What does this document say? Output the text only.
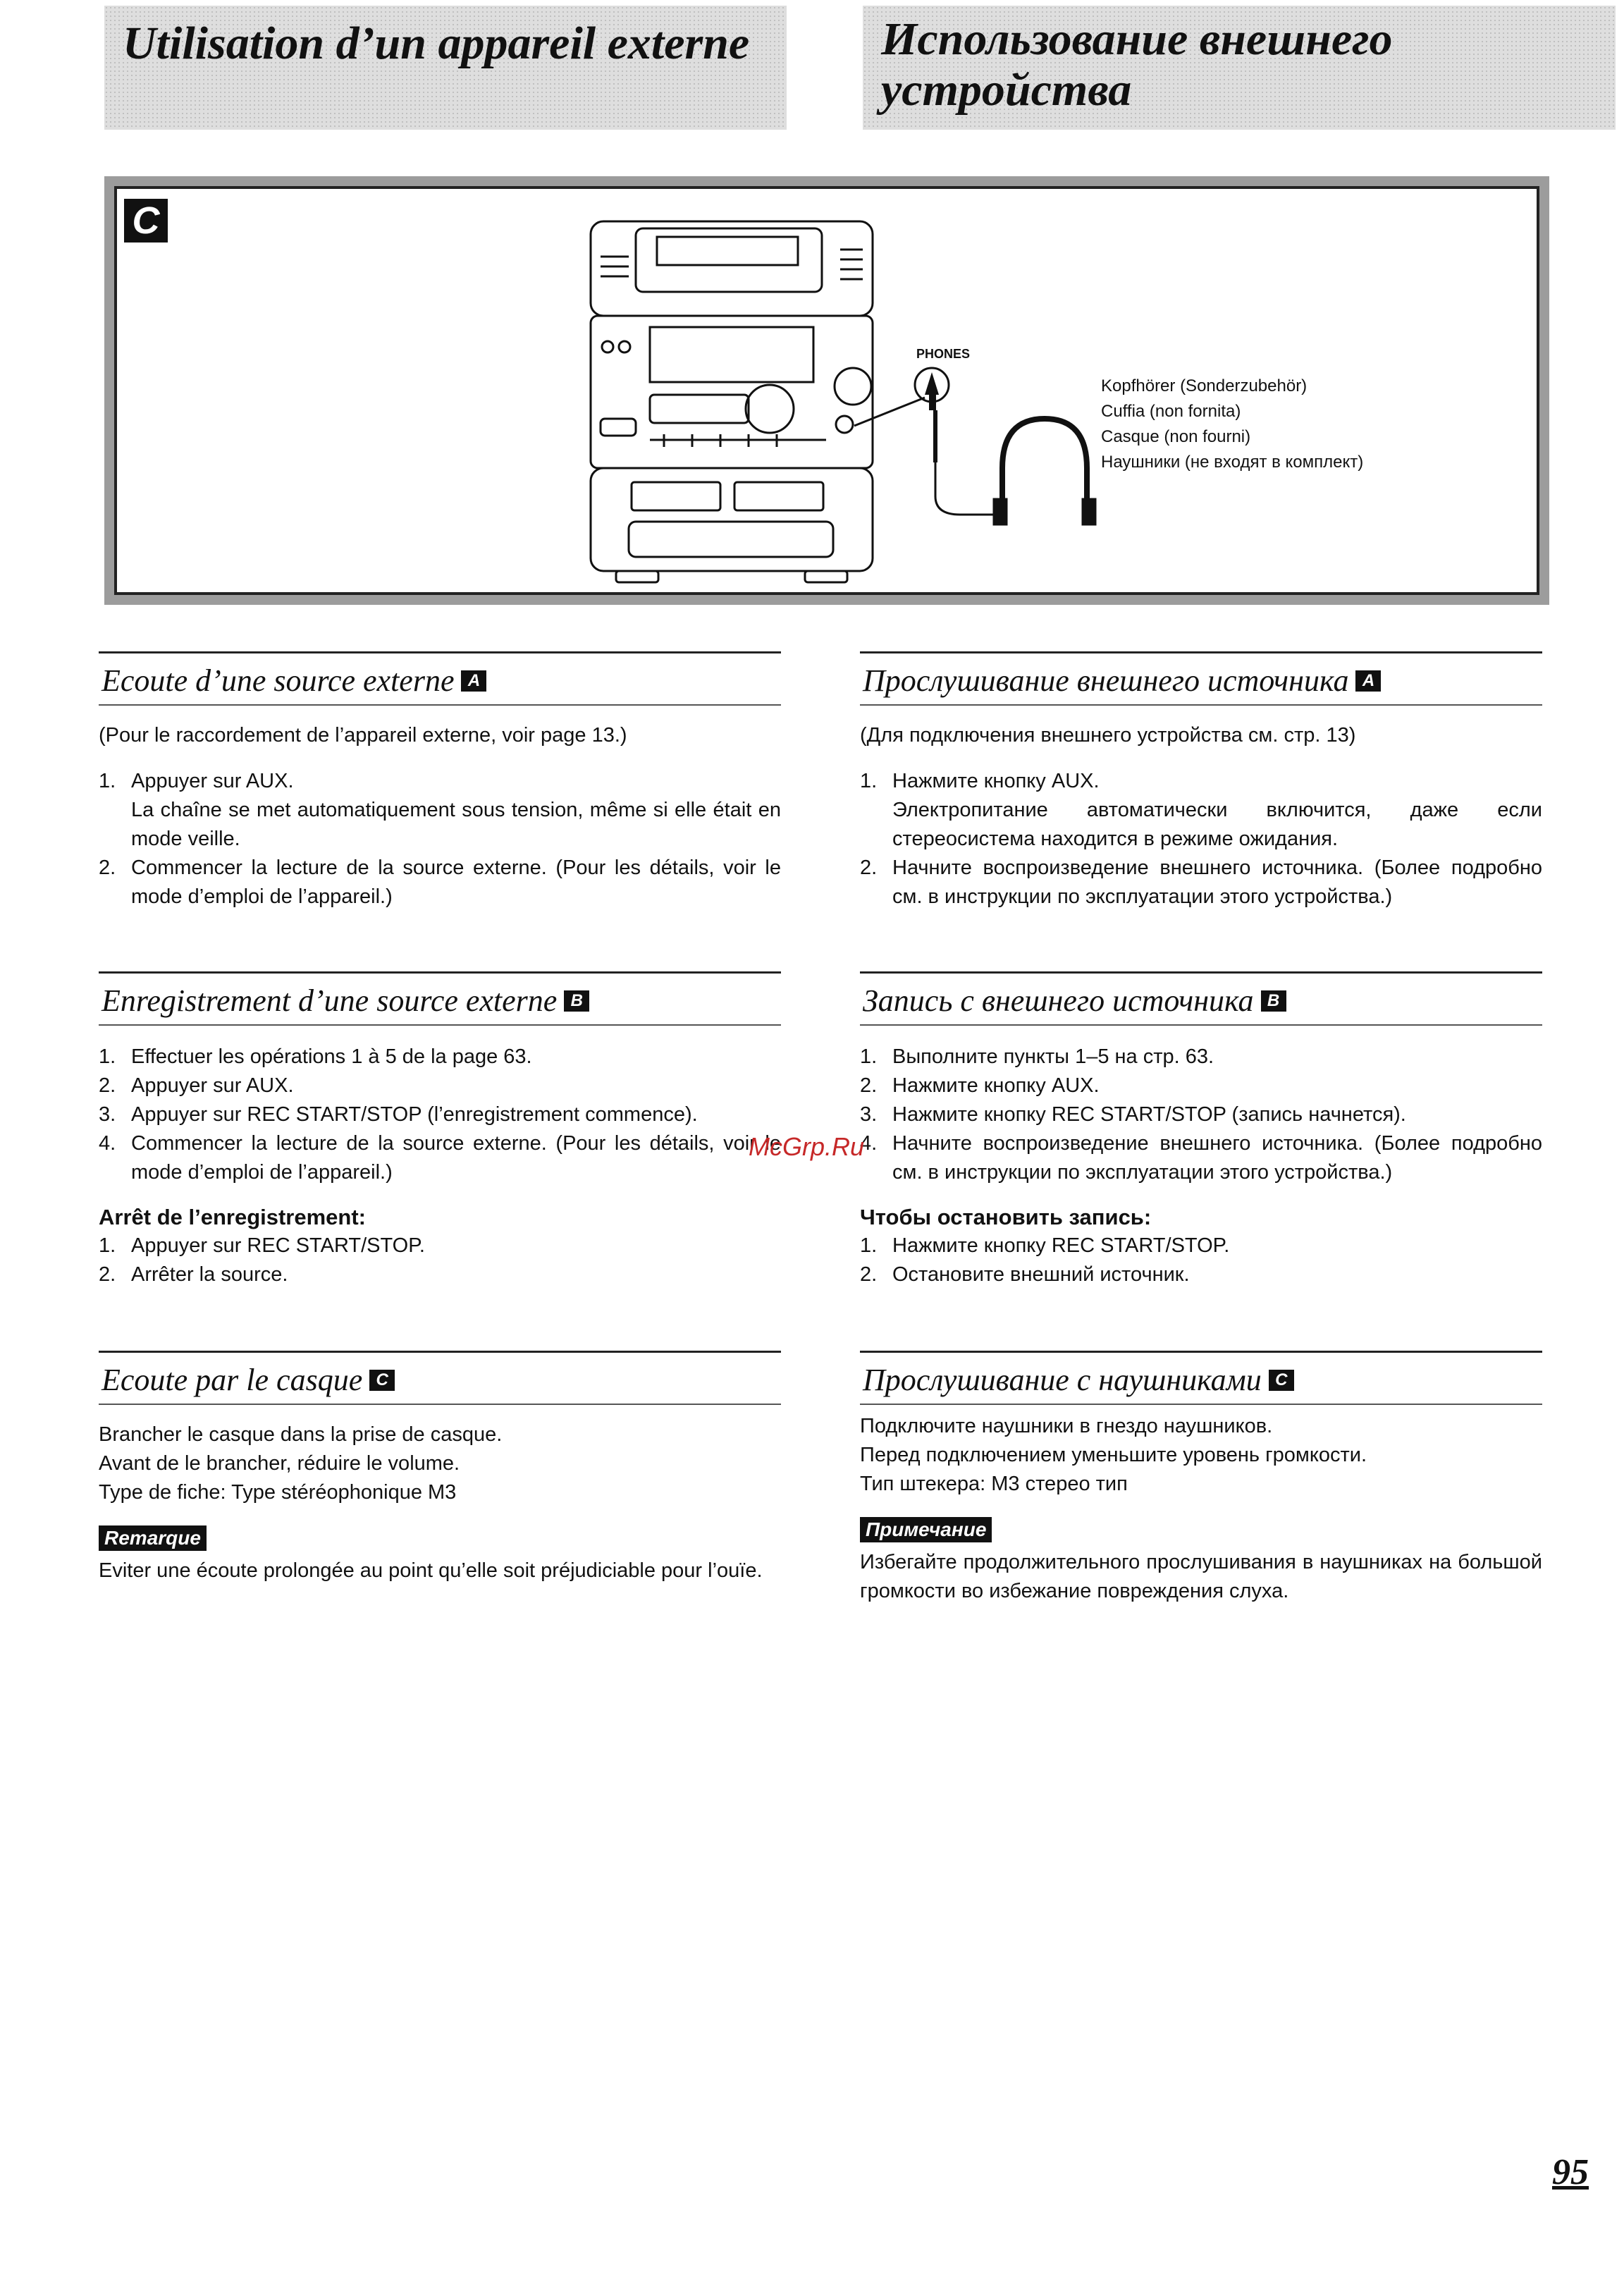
Utilisation d’un appareil externe	Использование внешнего устройства
C
PHONES
Kopfhörer (Sonderzubehör)
Cuffia (non fornita)
Casque (non fourni)
Наушники (не входят в комплект)
Ecoute d’une source externe A
(Pour le raccordement de l’appareil externe, voir page 13.)
1. Appuyer sur AUX.
La chaîne se met automatiquement sous tension, même si elle était en mode veille.
2. Commencer la lecture de la source externe. (Pour les détails, voir le mode d’emploi de l’appareil.)
Enregistrement d’une source externe B
1. Effectuer les opérations 1 à 5 de la page 63.
2. Appuyer sur AUX.
3. Appuyer sur REC START/STOP (l’enregistrement commence).
4. Commencer la lecture de la source externe. (Pour les détails, voir le mode d’emploi de l’appareil.)
Arrêt de l’enregistrement:
1. Appuyer sur REC START/STOP.
2. Arrêter la source.
Ecoute par le casque C
Brancher le casque dans la prise de casque.
Avant de le brancher, réduire le volume.
Type de fiche: Type stéréophonique M3
Remarque
Eviter une écoute prolongée au point qu’elle soit préjudiciable pour l’ouïe.
Прослушивание внешнего источника A
(Для подключения внешнего устройства см. стр. 13)
1. Нажмите кнопку AUX.
Электропитание автоматически включится, даже если стереосистема находится в режиме ожидания.
2. Начните воспроизведение внешнего источника. (Более подробно см. в инструкции по эксплуатации этого устройства.)
Запись с внешнего источника B
1. Выполните пункты 1–5 на стр. 63.
2. Нажмите кнопку AUX.
3. Нажмите кнопку REC START/STOP (запись начнется).
4. Начните воспроизведение внешнего источника. (Более подробно см. в инструкции по эксплуатации этого устройства.)
Чтобы остановить запись:
1. Нажмите кнопку REC START/STOP.
2. Остановите внешний источник.
Прослушивание с наушниками C
Подключите наушники в гнездо наушников.
Перед подключением уменьшите уровень громкости.
Тип штекера: M3 стерео тип
Примечание
Избегайте продолжительного прослушивания в наушниках на большой громкости во избежание повреждения слуха.
McGrp.Ru
95
